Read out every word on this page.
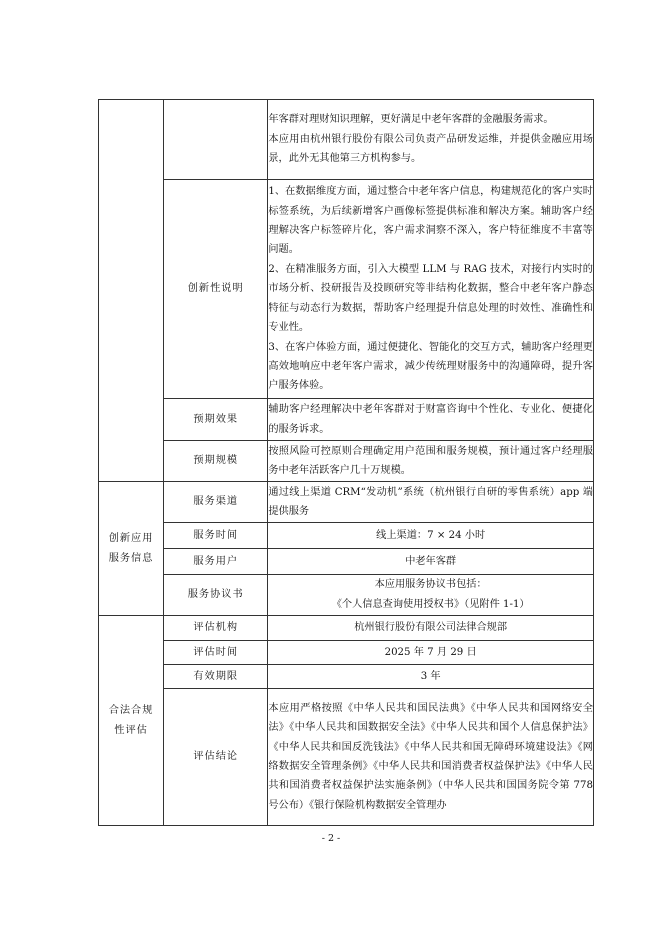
		年客群对理财知识理解，更好满足中老年客群的金融服务需求。

本应用由杭州银行股份有限公司负责产品研发运维，并提供金融应用场景，此外无其他第三方机构参与。

	创新性说明	1、在数据维度方面，通过整合中老年客户信息，构建规范化的客户实时标签系统，为后续新增客户画像标签提供标准和解决方案。辅助客户经理解决客户标签碎片化，客户需求洞察不深入，客户特征维度不丰富等问题。

2、在精准服务方面，引入大模型 LLM 与 RAG 技术，对接行内实时的市场分析、投研报告及投顾研究等非结构化数据，整合中老年客户静态特征与动态行为数据，帮助客户经理提升信息处理的时效性、准确性和专业性。

3、在客户体验方面，通过便捷化、智能化的交互方式，辅助客户经理更高效地响应中老年客户需求，减少传统理财服务中的沟通障碍，提升客户服务体验。

	预期效果	辅助客户经理解决中老年客群对于财富咨询中个性化、专业化、便捷化的服务诉求。

	预期规模	按照风险可控原则合理确定用户范围和服务规模，预计通过客户经理服务中老年活跃客户几十万规模。

创新应用
服务信息	服务渠道	通过线上渠道 CRM“发动机”系统（杭州银行自研的零售系统）app 端提供服务

	服务时间	线上渠道：7 × 24 小时
	服务用户	中老年客群
	服务协议书	本应用服务协议书包括：
《个人信息查询使用授权书》（见附件 1-1）

合法合规
性评估	评估机构	杭州银行股份有限公司法律合规部
	评估时间	2025 年 7 月 29 日
	有效期限	3 年
	评估结论	本应用严格按照《中华人民共和国民法典》《中华人民共和国网络安全法》《中华人民共和国数据安全法》《中华人民共和国个人信息保护法》《中华人民共和国反洗钱法》《中华人民共和国无障碍环境建设法》《网络数据安全管理条例》《中华人民共和国消费者权益保护法》《中华人民共和国消费者权益保护法实施条例》（中华人民共和国国务院令第 778 号公布）《银行保险机构数据安全管理办

- 2 -
